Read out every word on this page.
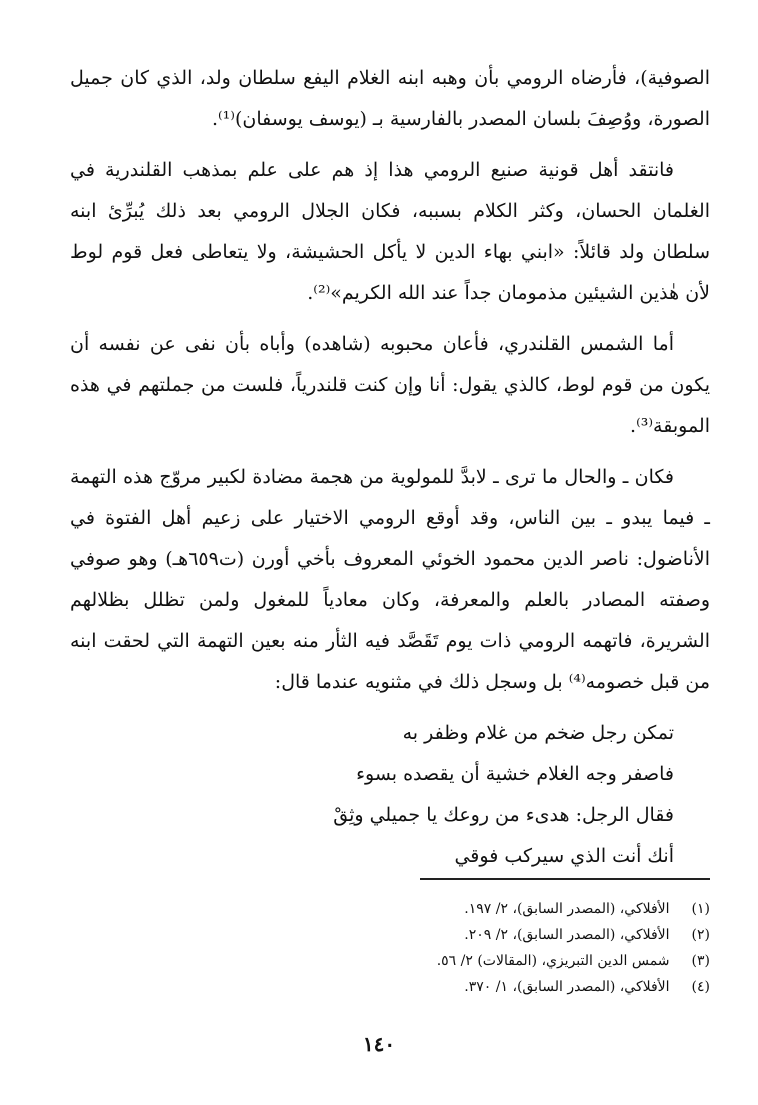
الصوفية)، فأرضاه الرومي بأن وهبه ابنه الغلام اليفع سلطان ولد، الذي كان جميل الصورة، ووُصِفَ بلسان المصدر بالفارسية بـ (يوسف يوسفان)⁽¹⁾.

فانتقد أهل قونية صنيع الرومي هذا إذ هم على علم بمذهب القلندرية في الغلمان الحسان، وكثر الكلام بسببه، فكان الجلال الرومي بعد ذلك يُبرِّئ ابنه سلطان ولد قائلاً: «ابني بهاء الدين لا يأكل الحشيشة، ولا يتعاطى فعل قوم لوط لأن هٰذين الشيئين مذمومان جداً عند الله الكريم»⁽²⁾.

أما الشمس القلندري، فأعان محبوبه (شاهده) وأباه بأن نفى عن نفسه أن يكون من قوم لوط، كالذي يقول: أنا وإن كنت قلندرياً، فلست من جملتهم في هذه الموبقة⁽³⁾.

فكان ـ والحال ما ترى ـ لابدَّ للمولوية من هجمة مضادة لكبير مروّج هذه التهمة ـ فيما يبدو ـ بين الناس، وقد أوقع الرومي الاختيار على زعيم أهل الفتوة في الأناضول: ناصر الدين محمود الخوئي المعروف بأخي أورن (ت٦٥٩هـ) وهو صوفي وصفته المصادر بالعلم والمعرفة، وكان معادياً للمغول ولمن تظلل بظلالهم الشريرة، فاتهمه الرومي ذات يوم تَقَصَّد فيه الثأر منه بعين التهمة التي لحقت ابنه من قبل خصومه⁽⁴⁾ بل وسجل ذلك في مثنويه عندما قال:

تمكن رجل ضخم من غلام وظفر به

فاصفر وجه الغلام خشية أن يقصده بسوء

فقال الرجل: هدىء من روعك يا جميلي وثِقْ

أنك أنت الذي سيركب فوقي

(١) الأفلاكي، (المصدر السابق)، ٢/ ١٩٧.

(٢) الأفلاكي، (المصدر السابق)، ٢/ ٢٠٩.

(٣) شمس الدين التبريزي، (المقالات) ٢/ ٥٦.

(٤) الأفلاكي، (المصدر السابق)، ١/ ٣٧٠.

١٤٠
